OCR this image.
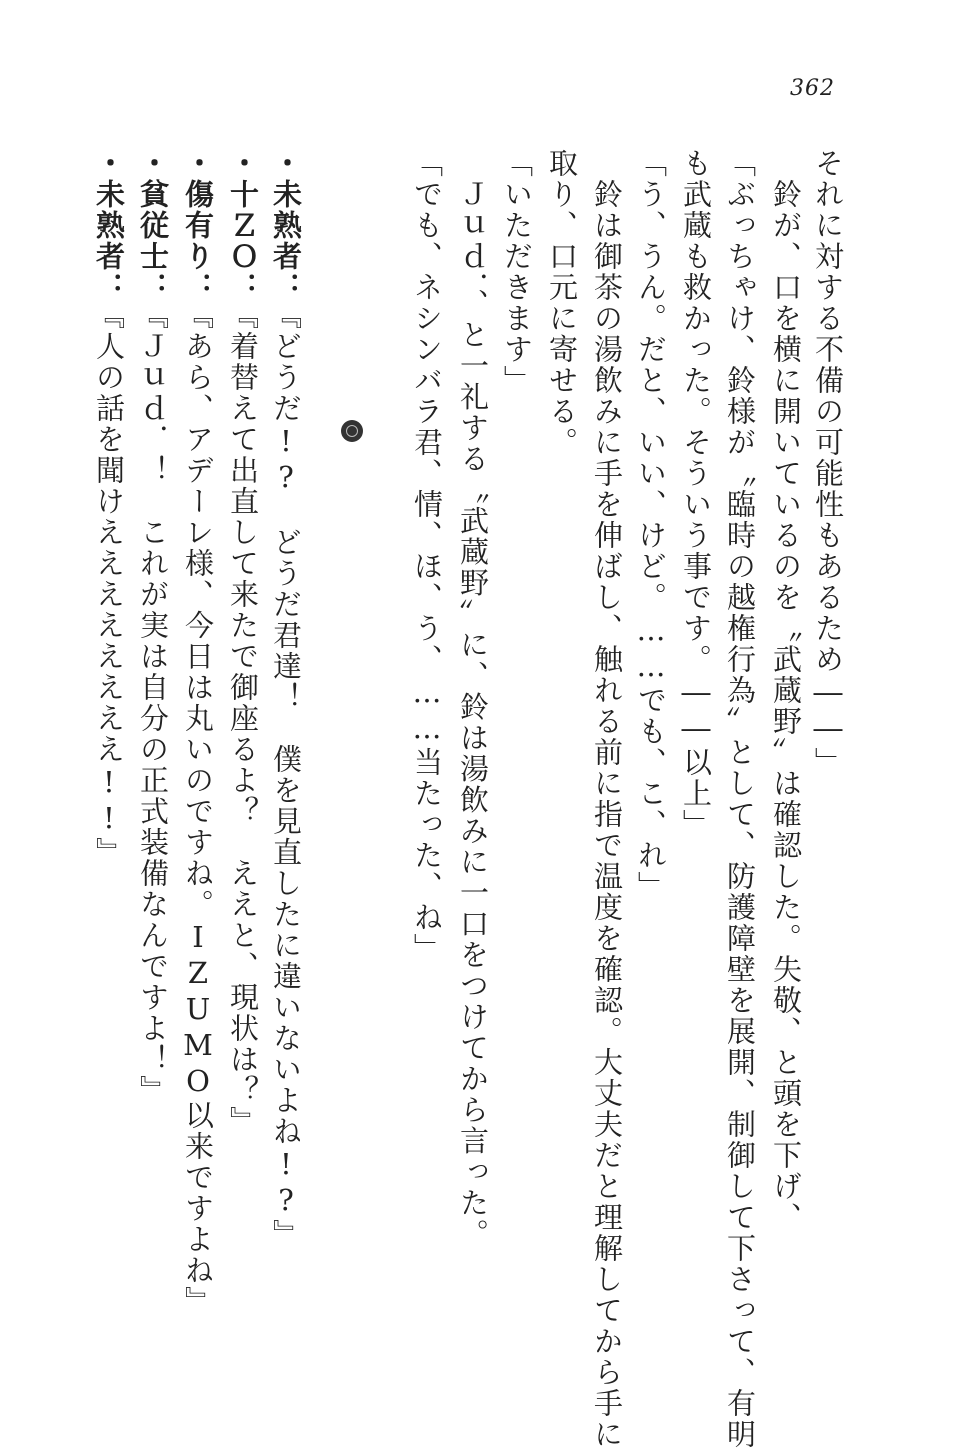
362
それに対する不備の可能性もあるため――」
　鈴が、口を横に開いているのを〝武蔵野〟は確認した。失敬、と頭を下げ、
「ぶっちゃけ、鈴様が〝臨時の越権行為〟として、防護障壁を展開、制御して下さって、有明
も武蔵も救かった。そういう事です。――以上」
「う、うん。だと、いい、けど。……でも、こ、れ」
　鈴は御茶の湯飲みに手を伸ばし、触れる前に指で温度を確認。大丈夫だと理解してから手に
取り、口元に寄せる。
「いただきます」
　Ｊｕｄ．、と一礼する〝武蔵野〟に、鈴は湯飲みに一口をつけてから言った。
「でも、ネシンバラ君、情、ほ、う、……当たった、ね」
・未熟者：
『どうだ!?　どうだ君達！　僕を見直したに違いないよね!?』
・十ＺＯ：
『着替えて出直して来たで御座るよ？　ええと、現状は？』
・傷有り：
『あら、アデーレ様、今日は丸いのですね。IZUMO以来ですよね』
・貧従士：
『Ｊｕｄ．！　これが実は自分の正式装備なんですよ！』
・未熟者：
『人の話を聞けええええええええ!!』
